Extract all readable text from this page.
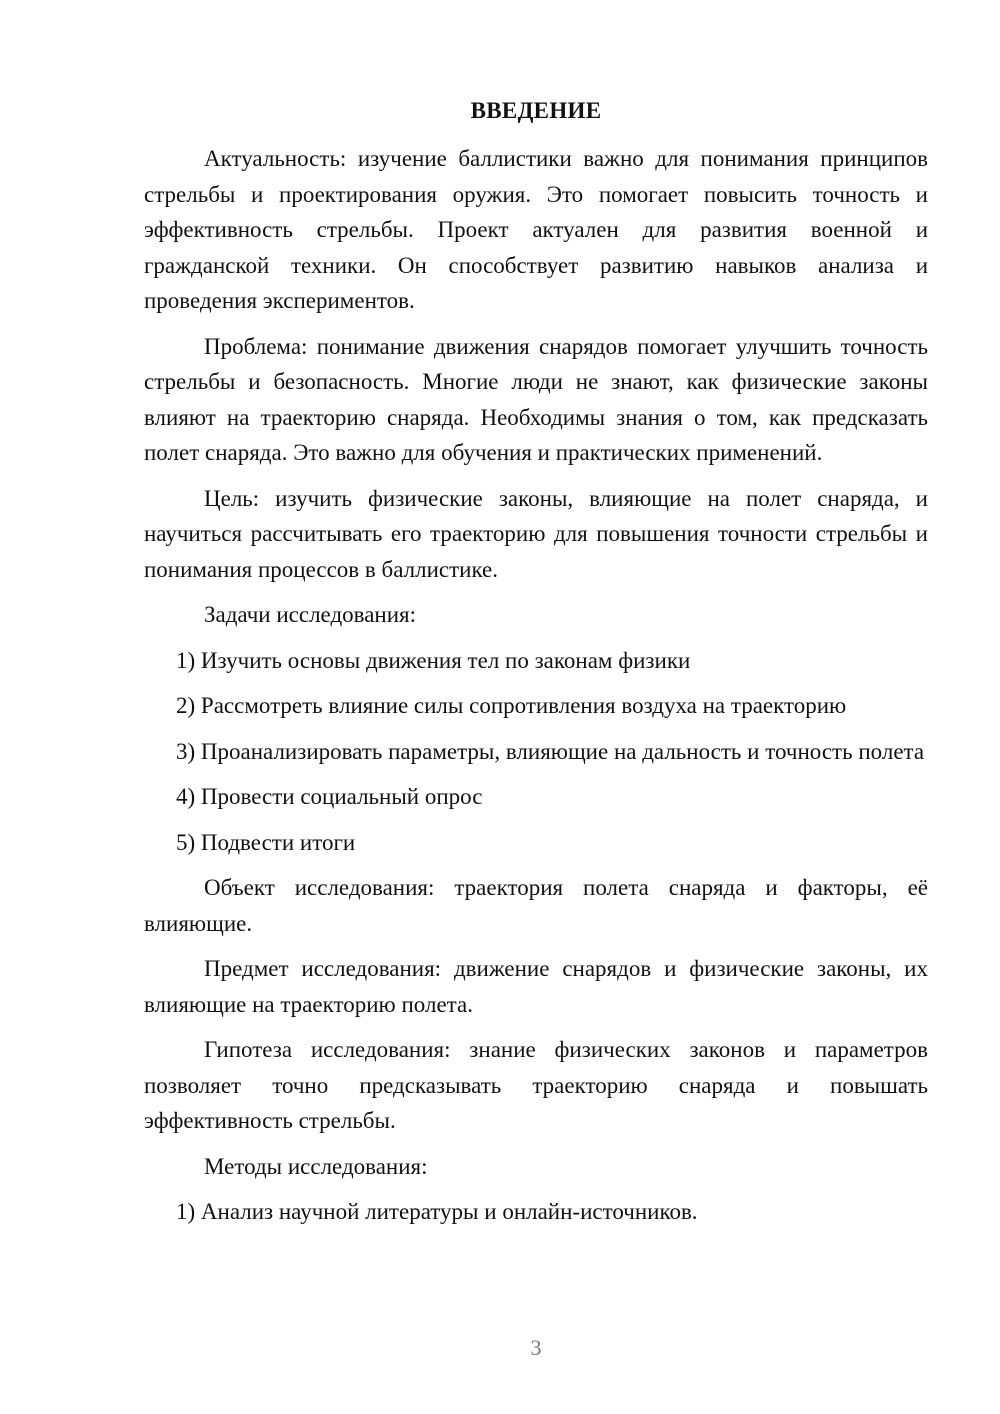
ВВЕДЕНИЕ

Актуальность: изучение баллистики важно для понимания принципов стрельбы и проектирования оружия. Это помогает повысить точность и эффективность стрельбы. Проект актуален для развития военной и гражданской техники. Он способствует развитию навыков анализа и проведения экспериментов.

Проблема: понимание движения снарядов помогает улучшить точность стрельбы и безопасность. Многие люди не знают, как физические законы влияют на траекторию снаряда. Необходимы знания о том, как предсказать полет снаряда. Это важно для обучения и практических применений.

Цель: изучить физические законы, влияющие на полет снаряда, и научиться рассчитывать его траекторию для повышения точности стрельбы и понимания процессов в баллистике.

Задачи исследования:

1) Изучить основы движения тел по законам физики

2) Рассмотреть влияние силы сопротивления воздуха на траекторию

3) Проанализировать параметры, влияющие на дальность и точность полета

4) Провести социальный опрос

5) Подвести итоги

Объект исследования: траектория полета снаряда и факторы, её влияющие.

Предмет исследования: движение снарядов и физические законы, их влияющие на траекторию полета.

Гипотеза исследования: знание физических законов и параметров позволяет точно предсказывать траекторию снаряда и повышать эффективность стрельбы.

Методы исследования:

1) Анализ научной литературы и онлайн-источников.

3
